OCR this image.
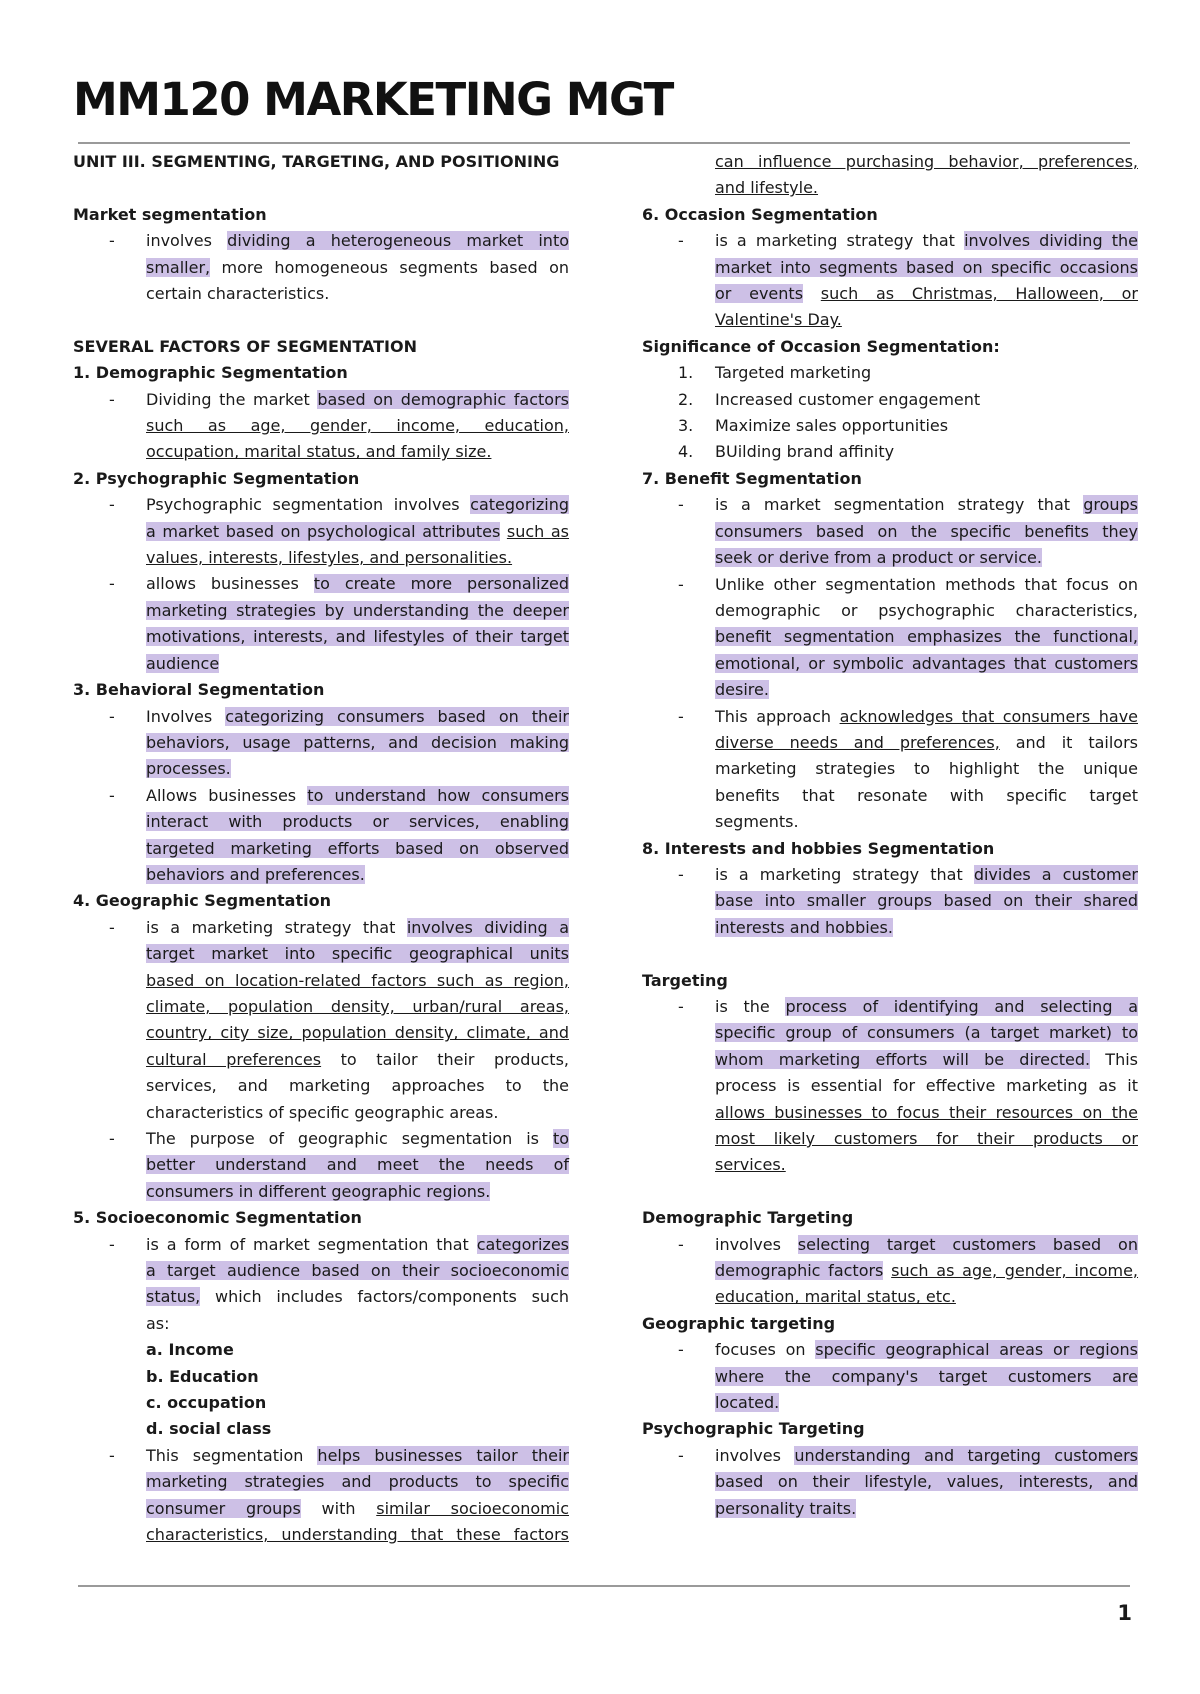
MM120 MARKETING MGT

UNIT III. SEGMENTING, TARGETING, AND POSITIONING

Market segmentation

- involves dividing a heterogeneous market into

smaller, more homogeneous segments based on

certain characteristics.

SEVERAL FACTORS OF SEGMENTATION

1. Demographic Segmentation

- Dividing the market based on demographic factors

such as age, gender, income, education,

occupation, marital status, and family size.

2. Psychographic Segmentation

- Psychographic segmentation involves categorizing

a market based on psychological attributes such as

values, interests, lifestyles, and personalities.

- allows businesses to create more personalized

marketing strategies by understanding the deeper

motivations, interests, and lifestyles of their target

audience

3. Behavioral Segmentation

- Involves categorizing consumers based on their

behaviors, usage patterns, and decision making

processes.

- Allows businesses to understand how consumers

interact with products or services, enabling

targeted marketing efforts based on observed

behaviors and preferences.

4. Geographic Segmentation

- is a marketing strategy that involves dividing a

target market into specific geographical units

based on location-related factors such as region,

climate, population density, urban/rural areas,

country, city size, population density, climate, and

cultural preferences to tailor their products,

services, and marketing approaches to the

characteristics of specific geographic areas.

- The purpose of geographic segmentation is to

better understand and meet the needs of

consumers in different geographic regions.

5. Socioeconomic Segmentation

- is a form of market segmentation that categorizes

a target audience based on their socioeconomic

status, which includes factors/components such

as:

a. Income

b. Education

c. occupation

d. social class

- This segmentation helps businesses tailor their

marketing strategies and products to specific

consumer groups with similar socioeconomic

characteristics, understanding that these factors

can influence purchasing behavior, preferences,

and lifestyle.

6. Occasion Segmentation

- is a marketing strategy that involves dividing the

market into segments based on specific occasions

or events such as Christmas, Halloween, or

Valentine's Day.

Significance of Occasion Segmentation:

1. Targeted marketing
2. Increased customer engagement
3. Maximize sales opportunities
4. BUilding brand affinity

7. Benefit Segmentation

- is a market segmentation strategy that groups

consumers based on the specific benefits they

seek or derive from a product or service.

- Unlike other segmentation methods that focus on

demographic or psychographic characteristics,

benefit segmentation emphasizes the functional,

emotional, or symbolic advantages that customers

desire.

- This approach acknowledges that consumers have

diverse needs and preferences, and it tailors

marketing strategies to highlight the unique

benefits that resonate with specific target

segments.

8. Interests and hobbies Segmentation

- is a marketing strategy that divides a customer

base into smaller groups based on their shared

interests and hobbies.

Targeting

- is the process of identifying and selecting a

specific group of consumers (a target market) to

whom marketing efforts will be directed. This

process is essential for effective marketing as it

allows businesses to focus their resources on the

most likely customers for their products or

services.

Demographic Targeting

- involves selecting target customers based on

demographic factors such as age, gender, income,

education, marital status, etc.

Geographic targeting

- focuses on specific geographical areas or regions

where the company's target customers are

located.

Psychographic Targeting

- involves understanding and targeting customers

based on their lifestyle, values, interests, and

personality traits.

1
